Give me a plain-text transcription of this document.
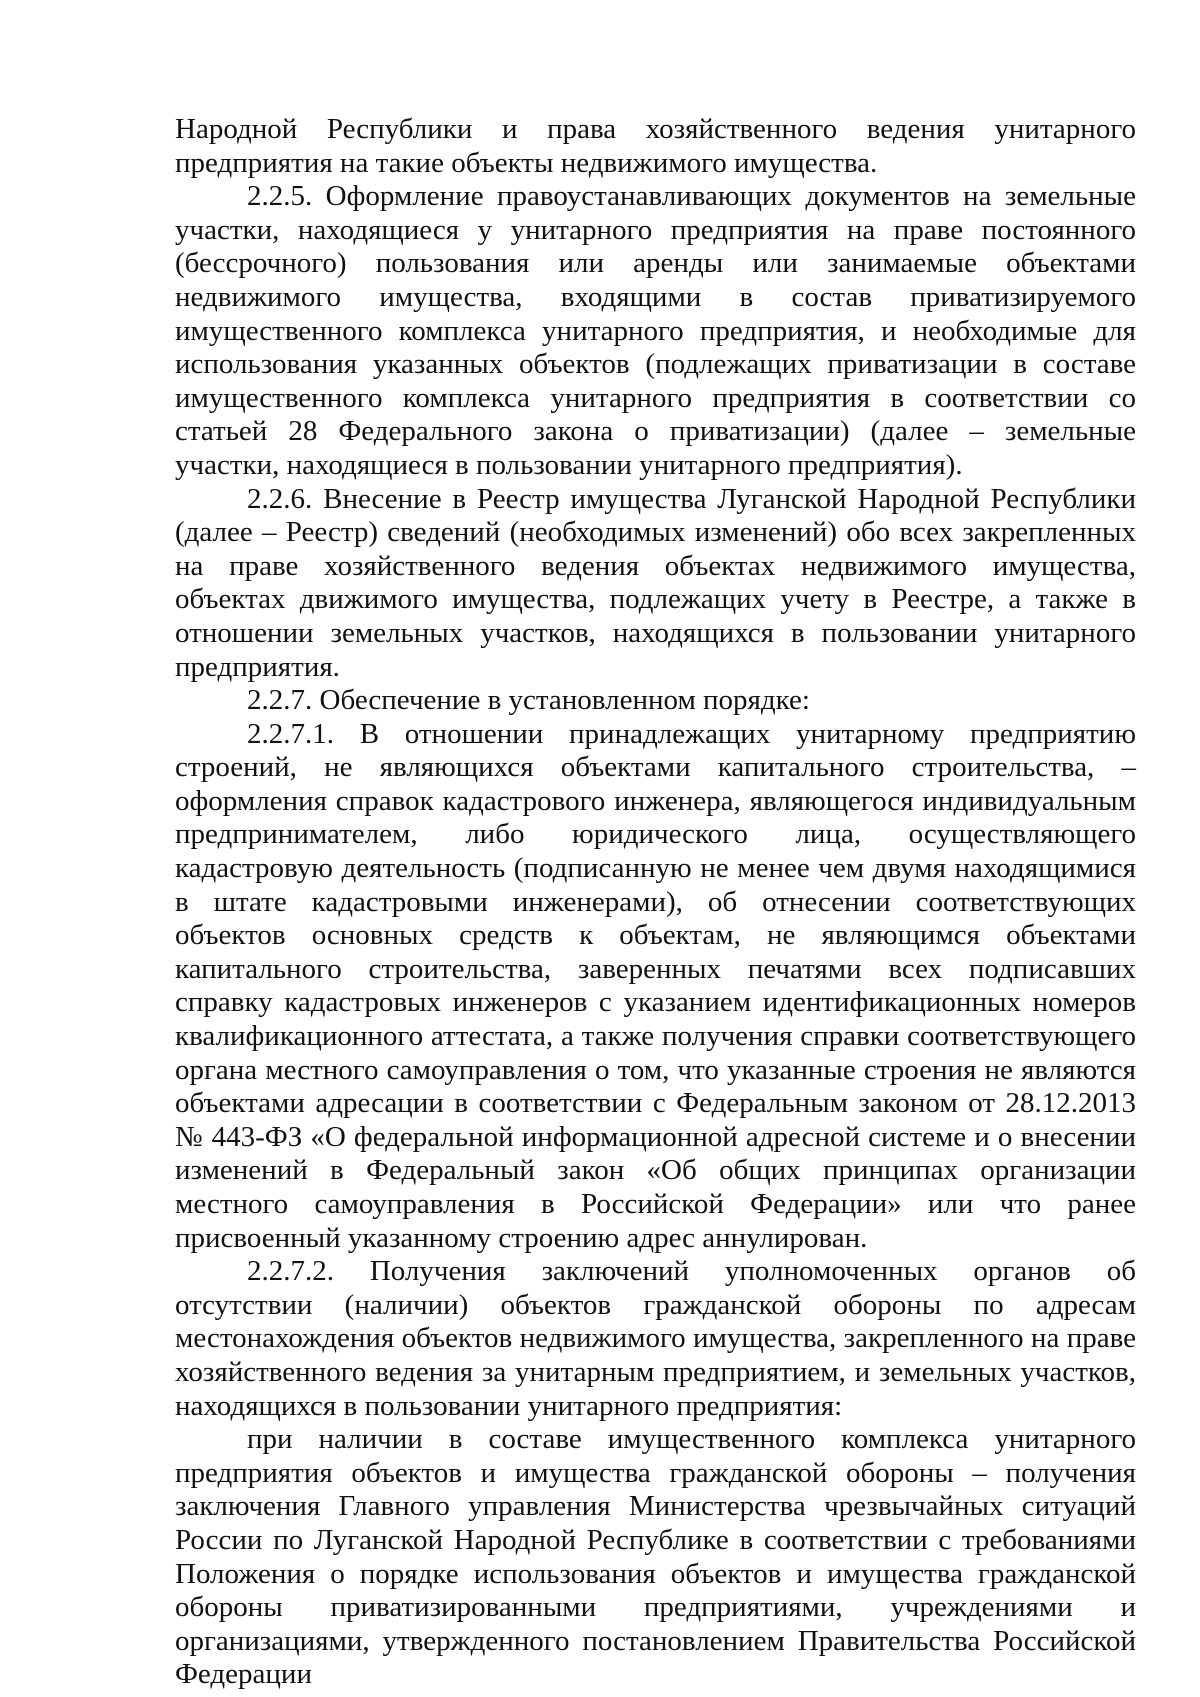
Народной Республики и права хозяйственного ведения унитарного предприятия на такие объекты недвижимого имущества.

2.2.5. Оформление правоустанавливающих документов на земельные участки, находящиеся у унитарного предприятия на праве постоянного (бессрочного) пользования или аренды или занимаемые объектами недвижимого имущества, входящими в состав приватизируемого имущественного комплекса унитарного предприятия, и необходимые для использования указанных объектов (подлежащих приватизации в составе имущественного комплекса унитарного предприятия в соответствии со статьей 28 Федерального закона о приватизации) (далее – земельные участки, находящиеся в пользовании унитарного предприятия).

2.2.6. Внесение в Реестр имущества Луганской Народной Республики (далее – Реестр) сведений (необходимых изменений) обо всех закрепленных на праве хозяйственного ведения объектах недвижимого имущества, объектах движимого имущества, подлежащих учету в Реестре, а также в отношении земельных участков, находящихся в пользовании унитарного предприятия.

2.2.7. Обеспечение в установленном порядке:

2.2.7.1. В отношении принадлежащих унитарному предприятию строений, не являющихся объектами капитального строительства, – оформления справок кадастрового инженера, являющегося индивидуальным предпринимателем, либо юридического лица, осуществляющего кадастровую деятельность (подписанную не менее чем двумя находящимися в штате кадастровыми инженерами), об отнесении соответствующих объектов основных средств к объектам, не являющимся объектами капитального строительства, заверенных печатями всех подписавших справку кадастровых инженеров с указанием идентификационных номеров квалификационного аттестата, а также получения справки соответствующего органа местного самоуправления о том, что указанные строения не являются объектами адресации в соответствии с Федеральным законом от 28.12.2013 № 443-ФЗ «О федеральной информационной адресной системе и о внесении изменений в Федеральный закон «Об общих принципах организации местного самоуправления в Российской Федерации» или что ранее присвоенный указанному строению адрес аннулирован.

2.2.7.2. Получения заключений уполномоченных органов об отсутствии (наличии) объектов гражданской обороны по адресам местонахождения объектов недвижимого имущества, закрепленного на праве хозяйственного ведения за унитарным предприятием, и земельных участков, находящихся в пользовании унитарного предприятия:

при наличии в составе имущественного комплекса унитарного предприятия объектов и имущества гражданской обороны – получения заключения Главного управления Министерства чрезвычайных ситуаций России по Луганской Народной Республике в соответствии с требованиями Положения о порядке использования объектов и имущества гражданской обороны приватизированными предприятиями, учреждениями и организациями, утвержденного постановлением Правительства Российской Федерации
